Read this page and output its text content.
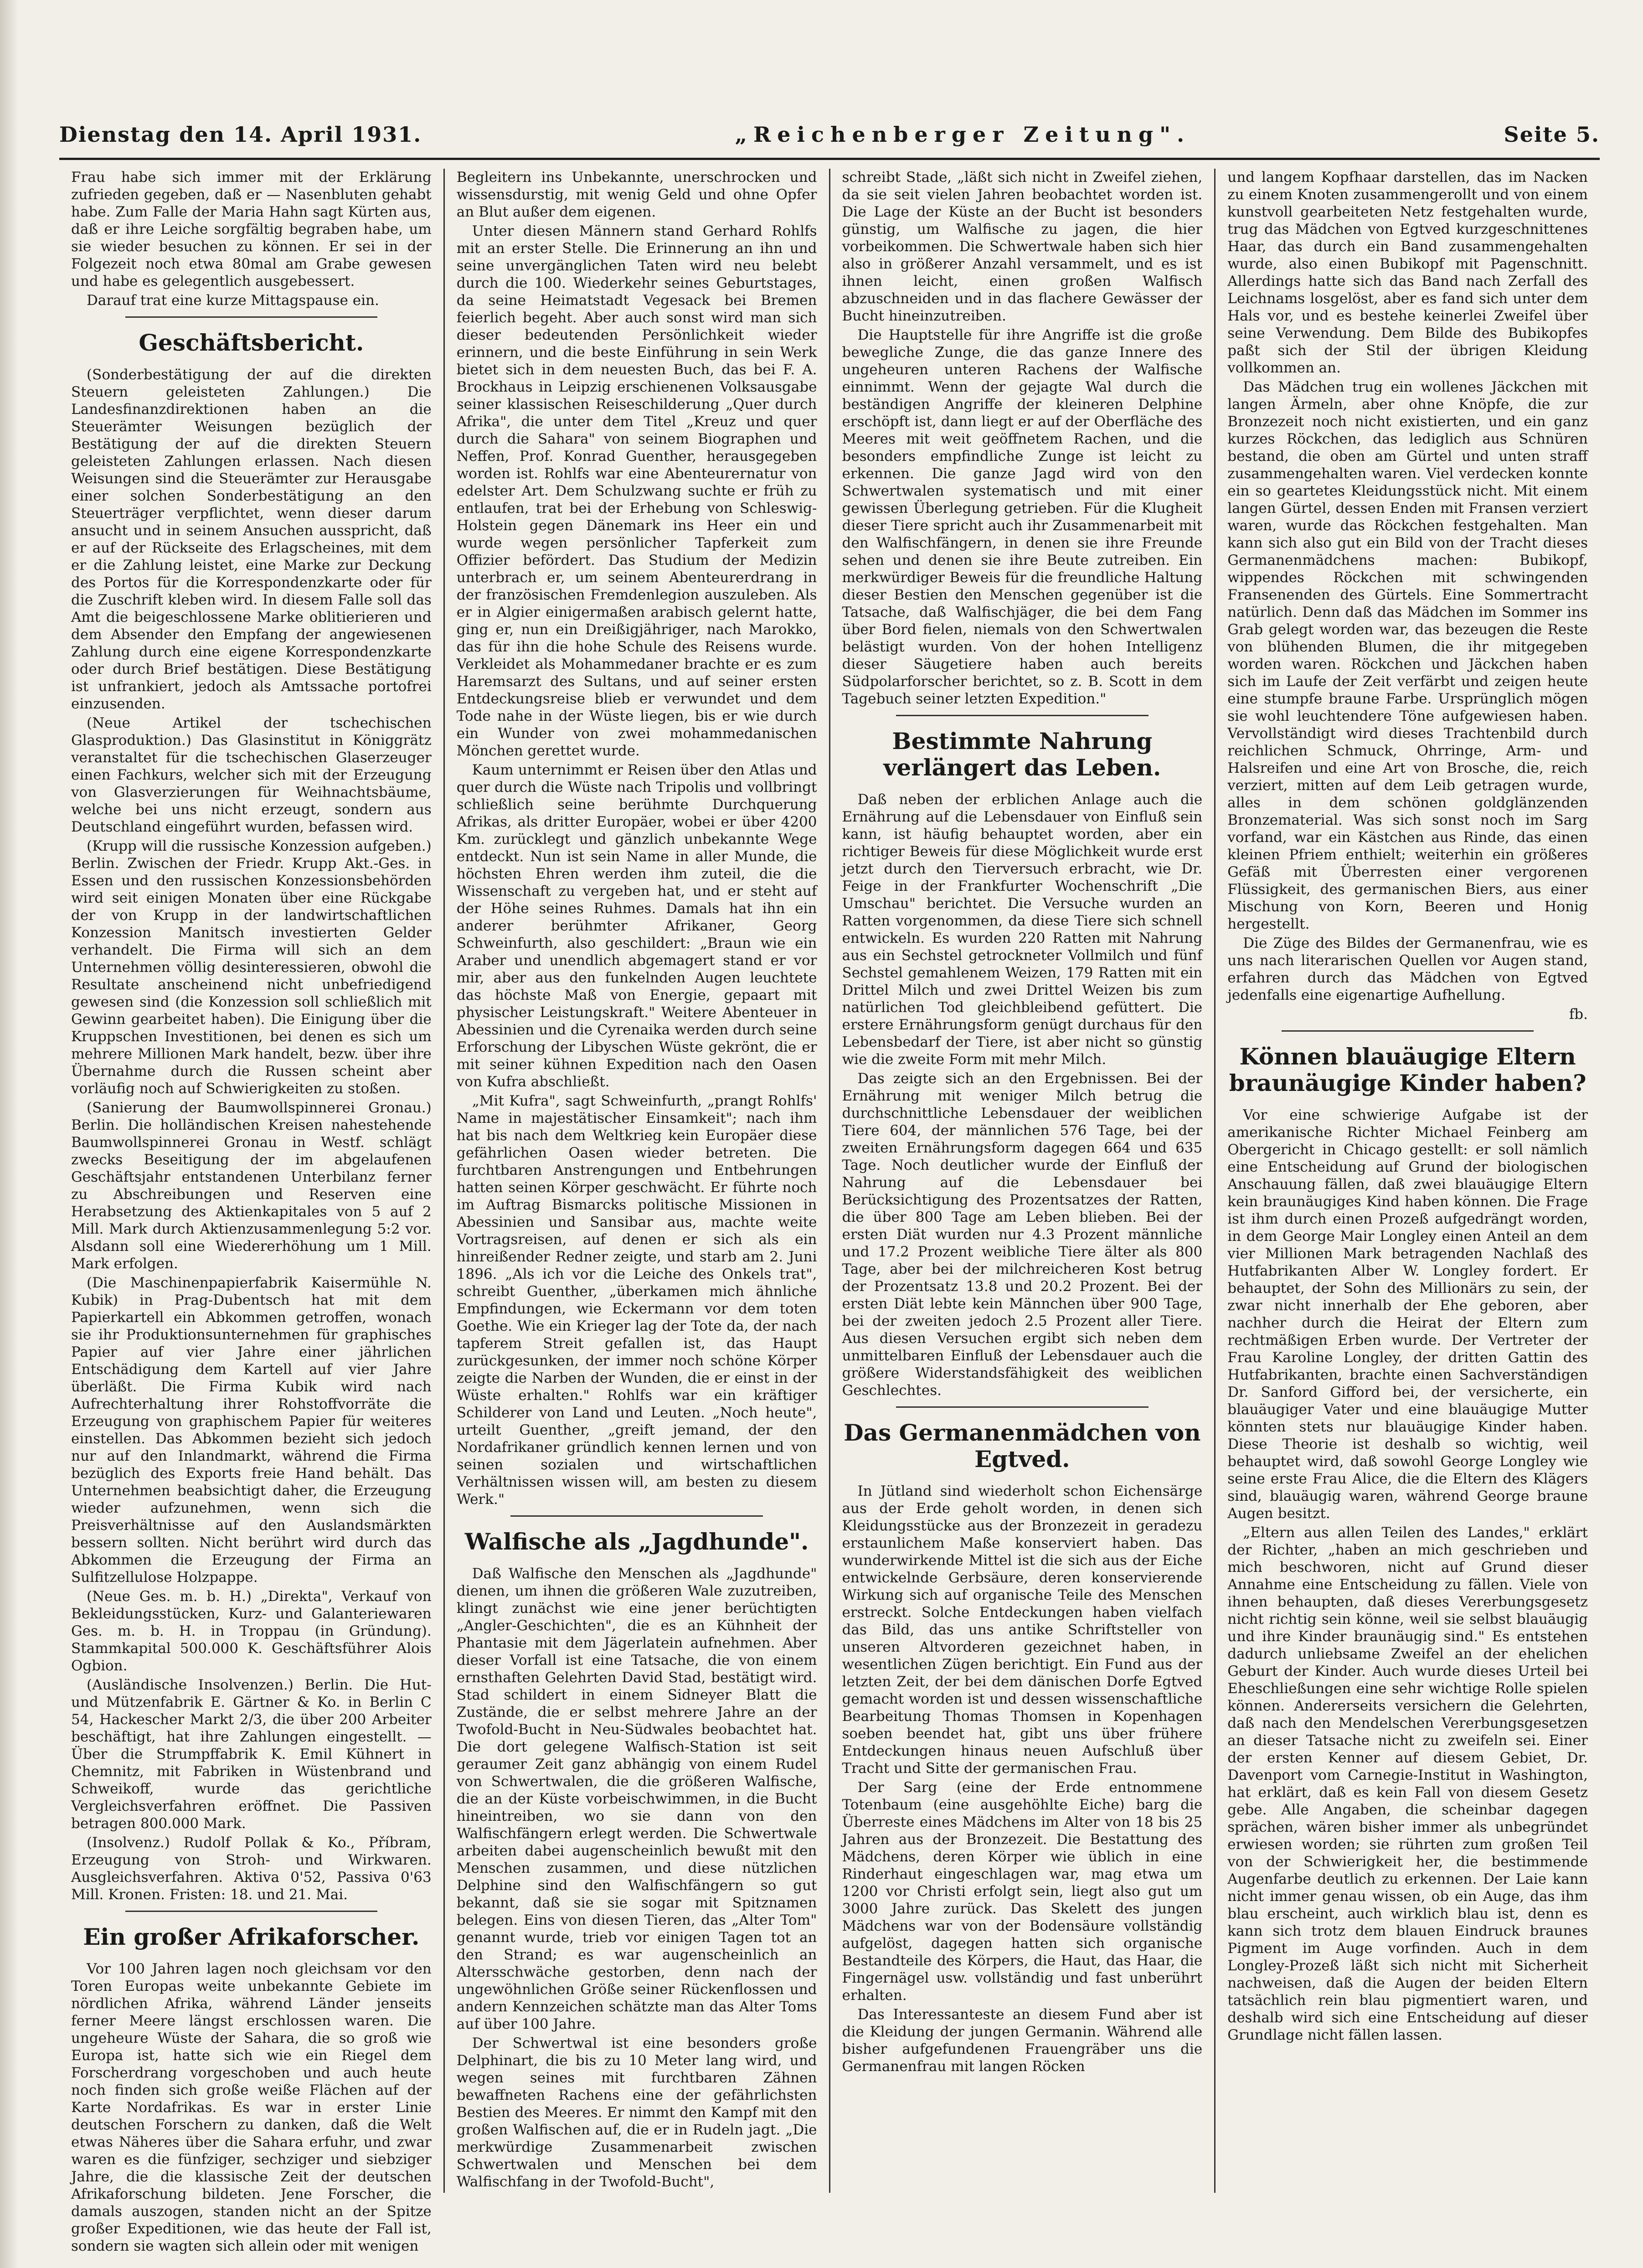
Dienstag den 14. April 1931.	„Reichenberger Zeitung".	Seite 5.

Frau habe sich immer mit der Erklärung zufrieden gegeben, daß er — Nasenbluten gehabt habe. Zum Falle der Maria Hahn sagt Kürten aus, daß er ihre Leiche sorgfältig begraben habe, um sie wieder besuchen zu können. Er sei in der Folgezeit noch etwa 80mal am Grabe gewesen und habe es gelegentlich ausgebessert.

Darauf trat eine kurze Mittagspause ein.

Geschäftsbericht.

(Sonderbestätigung der auf die direkten Steuern geleisteten Zahlungen.) Die Landesfinanzdirektionen haben an die Steuerämter Weisungen bezüglich der Bestätigung der auf die direkten Steuern geleisteten Zahlungen erlassen. Nach diesen Weisungen sind die Steuerämter zur Herausgabe einer solchen Sonderbestätigung an den Steuerträger verpflichtet, wenn dieser darum ansucht und in seinem Ansuchen ausspricht, daß er auf der Rückseite des Erlagscheines, mit dem er die Zahlung leistet, eine Marke zur Deckung des Portos für die Korrespondenzkarte oder für die Zuschrift kleben wird. In diesem Falle soll das Amt die beigeschlossene Marke oblitierieren und dem Absender den Empfang der angewiesenen Zahlung durch eine eigene Korrespondenzkarte oder durch Brief bestätigen. Diese Bestätigung ist unfrankiert, jedoch als Amtssache portofrei einzusenden.

(Neue Artikel der tschechischen Glasproduktion.) Das Glasinstitut in Königgrätz veranstaltet für die tschechischen Glaserzeuger einen Fachkurs, welcher sich mit der Erzeugung von Glasverzierungen für Weihnachtsbäume, welche bei uns nicht erzeugt, sondern aus Deutschland eingeführt wurden, befassen wird.

(Krupp will die russische Konzession aufgeben.) Berlin. Zwischen der Friedr. Krupp Akt.-Ges. in Essen und den russischen Konzessionsbehörden wird seit einigen Monaten über eine Rückgabe der von Krupp in der landwirtschaftlichen Konzession Manitsch investierten Gelder verhandelt. Die Firma will sich an dem Unternehmen völlig desinteressieren, obwohl die Resultate anscheinend nicht unbefriedigend gewesen sind (die Konzession soll schließlich mit Gewinn gearbeitet haben). Die Einigung über die Kruppschen Investitionen, bei denen es sich um mehrere Millionen Mark handelt, bezw. über ihre Übernahme durch die Russen scheint aber vorläufig noch auf Schwierigkeiten zu stoßen.

(Sanierung der Baumwollspinnerei Gronau.) Berlin. Die holländischen Kreisen nahestehende Baumwollspinnerei Gronau in Westf. schlägt zwecks Beseitigung der im abgelaufenen Geschäftsjahr entstandenen Unterbilanz ferner zu Abschreibungen und Reserven eine Herabsetzung des Aktienkapitales von 5 auf 2 Mill. Mark durch Aktienzusammenlegung 5:2 vor. Alsdann soll eine Wiedererhöhung um 1 Mill. Mark erfolgen.

(Die Maschinenpapierfabrik Kaisermühle N. Kubik) in Prag-Dubentsch hat mit dem Papierkartell ein Abkommen getroffen, wonach sie ihr Produktionsunternehmen für graphisches Papier auf vier Jahre einer jährlichen Entschädigung dem Kartell auf vier Jahre überläßt. Die Firma Kubik wird nach Aufrechterhaltung ihrer Rohstoffvorräte die Erzeugung von graphischem Papier für weiteres einstellen. Das Abkommen bezieht sich jedoch nur auf den Inlandmarkt, während die Firma bezüglich des Exports freie Hand behält. Das Unternehmen beabsichtigt daher, die Erzeugung wieder aufzunehmen, wenn sich die Preisverhältnisse auf den Auslandsmärkten bessern sollten. Nicht berührt wird durch das Abkommen die Erzeugung der Firma an Sulfitzellulose Holzpappe.

(Neue Ges. m. b. H.) „Direkta", Verkauf von Bekleidungsstücken, Kurz- und Galanteriewaren Ges. m. b. H. in Troppau (in Gründung). Stammkapital 500.000 K. Geschäftsführer Alois Ogbion.

(Ausländische Insolvenzen.) Berlin. Die Hut- und Mützenfabrik E. Gärtner & Ko. in Berlin C 54, Hackescher Markt 2/3, die über 200 Arbeiter beschäftigt, hat ihre Zahlungen eingestellt. — Über die Strumpffabrik K. Emil Kühnert in Chemnitz, mit Fabriken in Wüstenbrand und Schweikoff, wurde das gerichtliche Vergleichsverfahren eröffnet. Die Passiven betragen 800.000 Mark.

(Insolvenz.) Rudolf Pollak & Ko., Příbram, Erzeugung von Stroh- und Wirkwaren. Ausgleichsverfahren. Aktiva 0'52, Passiva 0'63 Mill. Kronen. Fristen: 18. und 21. Mai.

Ein großer Afrikaforscher.

Vor 100 Jahren lagen noch gleichsam vor den Toren Europas weite unbekannte Gebiete im nördlichen Afrika, während Länder jenseits ferner Meere längst erschlossen waren. Die ungeheure Wüste der Sahara, die so groß wie Europa ist, hatte sich wie ein Riegel dem Forscherdrang vorgeschoben und auch heute noch finden sich große weiße Flächen auf der Karte Nordafrikas. Es war in erster Linie deutschen Forschern zu danken, daß die Welt etwas Näheres über die Sahara erfuhr, und zwar waren es die fünfziger, sechziger und siebziger Jahre, die die klassische Zeit der deutschen Afrikaforschung bildeten. Jene Forscher, die damals auszogen, standen nicht an der Spitze großer Expeditionen, wie das heute der Fall ist, sondern sie wagten sich allein oder mit wenigen

Begleitern ins Unbekannte, unerschrocken und wissensdurstig, mit wenig Geld und ohne Opfer an Blut außer dem eigenen.

Unter diesen Männern stand Gerhard Rohlfs mit an erster Stelle. Die Erinnerung an ihn und seine unvergänglichen Taten wird neu belebt durch die 100. Wiederkehr seines Geburtstages, da seine Heimatstadt Vegesack bei Bremen feierlich begeht. Aber auch sonst wird man sich dieser bedeutenden Persönlichkeit wieder erinnern, und die beste Einführung in sein Werk bietet sich in dem neuesten Buch, das bei F. A. Brockhaus in Leipzig erschienenen Volksausgabe seiner klassischen Reiseschilderung „Quer durch Afrika", die unter dem Titel „Kreuz und quer durch die Sahara" von seinem Biographen und Neffen, Prof. Konrad Guenther, herausgegeben worden ist. Rohlfs war eine Abenteurernatur von edelster Art. Dem Schulzwang suchte er früh zu entlaufen, trat bei der Erhebung von Schleswig-Holstein gegen Dänemark ins Heer ein und wurde wegen persönlicher Tapferkeit zum Offizier befördert. Das Studium der Medizin unterbrach er, um seinem Abenteurerdrang in der französischen Fremdenlegion auszuleben. Als er in Algier einigermaßen arabisch gelernt hatte, ging er, nun ein Dreißigjähriger, nach Marokko, das für ihn die hohe Schule des Reisens wurde. Verkleidet als Mohammedaner brachte er es zum Haremsarzt des Sultans, und auf seiner ersten Entdeckungsreise blieb er verwundet und dem Tode nahe in der Wüste liegen, bis er wie durch ein Wunder von zwei mohammedanischen Mönchen gerettet wurde.

Kaum unternimmt er Reisen über den Atlas und quer durch die Wüste nach Tripolis und vollbringt schließlich seine berühmte Durchquerung Afrikas, als dritter Europäer, wobei er über 4200 Km. zurücklegt und gänzlich unbekannte Wege entdeckt. Nun ist sein Name in aller Munde, die höchsten Ehren werden ihm zuteil, die die Wissenschaft zu vergeben hat, und er steht auf der Höhe seines Ruhmes. Damals hat ihn ein anderer berühmter Afrikaner, Georg Schweinfurth, also geschildert: „Braun wie ein Araber und unendlich abgemagert stand er vor mir, aber aus den funkelnden Augen leuchtete das höchste Maß von Energie, gepaart mit physischer Leistungskraft." Weitere Abenteuer in Abessinien und die Cyrenaika werden durch seine Erforschung der Libyschen Wüste gekrönt, die er mit seiner kühnen Expedition nach den Oasen von Kufra abschließt.

„Mit Kufra", sagt Schweinfurth, „prangt Rohlfs' Name in majestätischer Einsamkeit"; nach ihm hat bis nach dem Weltkrieg kein Europäer diese gefährlichen Oasen wieder betreten. Die furchtbaren Anstrengungen und Entbehrungen hatten seinen Körper geschwächt. Er führte noch im Auftrag Bismarcks politische Missionen in Abessinien und Sansibar aus, machte weite Vortragsreisen, auf denen er sich als ein hinreißender Redner zeigte, und starb am 2. Juni 1896. „Als ich vor die Leiche des Onkels trat", schreibt Guenther, „überkamen mich ähnliche Empfindungen, wie Eckermann vor dem toten Goethe. Wie ein Krieger lag der Tote da, der nach tapferem Streit gefallen ist, das Haupt zurückgesunken, der immer noch schöne Körper zeigte die Narben der Wunden, die er einst in der Wüste erhalten." Rohlfs war ein kräftiger Schilderer von Land und Leuten. „Noch heute", urteilt Guenther, „greift jemand, der den Nordafrikaner gründlich kennen lernen und von seinen sozialen und wirtschaftlichen Verhältnissen wissen will, am besten zu diesem Werk."

Walfische als „Jagdhunde".

Daß Walfische den Menschen als „Jagdhunde" dienen, um ihnen die größeren Wale zuzutreiben, klingt zunächst wie eine jener berüchtigten „Angler-Geschichten", die es an Kühnheit der Phantasie mit dem Jägerlatein aufnehmen. Aber dieser Vorfall ist eine Tatsache, die von einem ernsthaften Gelehrten David Stad, bestätigt wird. Stad schildert in einem Sidneyer Blatt die Zustände, die er selbst mehrere Jahre an der Twofold-Bucht in Neu-Südwales beobachtet hat. Die dort gelegene Walfisch-Station ist seit geraumer Zeit ganz abhängig von einem Rudel von Schwertwalen, die die größeren Walfische, die an der Küste vorbeischwimmen, in die Bucht hineintreiben, wo sie dann von den Walfischfängern erlegt werden. Die Schwertwale arbeiten dabei augenscheinlich bewußt mit den Menschen zusammen, und diese nützlichen Delphine sind den Walfischfängern so gut bekannt, daß sie sie sogar mit Spitznamen belegen. Eins von diesen Tieren, das „Alter Tom" genannt wurde, trieb vor einigen Tagen tot an den Strand; es war augenscheinlich an Altersschwäche gestorben, denn nach der ungewöhnlichen Größe seiner Rückenflossen und andern Kennzeichen schätzte man das Alter Toms auf über 100 Jahre.

Der Schwertwal ist eine besonders große Delphinart, die bis zu 10 Meter lang wird, und wegen seines mit furchtbaren Zähnen bewaffneten Rachens eine der gefährlichsten Bestien des Meeres. Er nimmt den Kampf mit den großen Walfischen auf, die er in Rudeln jagt. „Die merkwürdige Zusammenarbeit zwischen Schwertwalen und Menschen bei dem Walfischfang in der Twofold-Bucht",

schreibt Stade, „läßt sich nicht in Zweifel ziehen, da sie seit vielen Jahren beobachtet worden ist. Die Lage der Küste an der Bucht ist besonders günstig, um Walfische zu jagen, die hier vorbeikommen. Die Schwertwale haben sich hier also in größerer Anzahl versammelt, und es ist ihnen leicht, einen großen Walfisch abzuschneiden und in das flachere Gewässer der Bucht hineinzutreiben.

Die Hauptstelle für ihre Angriffe ist die große bewegliche Zunge, die das ganze Innere des ungeheuren unteren Rachens der Walfische einnimmt. Wenn der gejagte Wal durch die beständigen Angriffe der kleineren Delphine erschöpft ist, dann liegt er auf der Oberfläche des Meeres mit weit geöffnetem Rachen, und die besonders empfindliche Zunge ist leicht zu erkennen. Die ganze Jagd wird von den Schwertwalen systematisch und mit einer gewissen Überlegung getrieben. Für die Klugheit dieser Tiere spricht auch ihr Zusammenarbeit mit den Walfischfängern, in denen sie ihre Freunde sehen und denen sie ihre Beute zutreiben. Ein merkwürdiger Beweis für die freundliche Haltung dieser Bestien den Menschen gegenüber ist die Tatsache, daß Walfischjäger, die bei dem Fang über Bord fielen, niemals von den Schwertwalen belästigt wurden. Von der hohen Intelligenz dieser Säugetiere haben auch bereits Südpolarforscher berichtet, so z. B. Scott in dem Tagebuch seiner letzten Expedition."

Bestimmte Nahrung
verlängert das Leben.

Daß neben der erblichen Anlage auch die Ernährung auf die Lebensdauer von Einfluß sein kann, ist häufig behauptet worden, aber ein richtiger Beweis für diese Möglichkeit wurde erst jetzt durch den Tierversuch erbracht, wie Dr. Feige in der Frankfurter Wochenschrift „Die Umschau" berichtet. Die Versuche wurden an Ratten vorgenommen, da diese Tiere sich schnell entwickeln. Es wurden 220 Ratten mit Nahrung aus ein Sechstel getrockneter Vollmilch und fünf Sechstel gemahlenem Weizen, 179 Ratten mit ein Drittel Milch und zwei Drittel Weizen bis zum natürlichen Tod gleichbleibend gefüttert. Die erstere Ernährungsform genügt durchaus für den Lebensbedarf der Tiere, ist aber nicht so günstig wie die zweite Form mit mehr Milch.

Das zeigte sich an den Ergebnissen. Bei der Ernährung mit weniger Milch betrug die durchschnittliche Lebensdauer der weiblichen Tiere 604, der männlichen 576 Tage, bei der zweiten Ernährungsform dagegen 664 und 635 Tage. Noch deutlicher wurde der Einfluß der Nahrung auf die Lebensdauer bei Berücksichtigung des Prozentsatzes der Ratten, die über 800 Tage am Leben blieben. Bei der ersten Diät wurden nur 4.3 Prozent männliche und 17.2 Prozent weibliche Tiere älter als 800 Tage, aber bei der milchreicheren Kost betrug der Prozentsatz 13.8 und 20.2 Prozent. Bei der ersten Diät lebte kein Männchen über 900 Tage, bei der zweiten jedoch 2.5 Prozent aller Tiere. Aus diesen Versuchen ergibt sich neben dem unmittelbaren Einfluß der Lebensdauer auch die größere Widerstandsfähigkeit des weiblichen Geschlechtes.

Das Germanenmädchen von Egtved.

In Jütland sind wiederholt schon Eichensärge aus der Erde geholt worden, in denen sich Kleidungsstücke aus der Bronzezeit in geradezu erstaunlichem Maße konserviert haben. Das wunderwirkende Mittel ist die sich aus der Eiche entwickelnde Gerbsäure, deren konservierende Wirkung sich auf organische Teile des Menschen erstreckt. Solche Entdeckungen haben vielfach das Bild, das uns antike Schriftsteller von unseren Altvorderen gezeichnet haben, in wesentlichen Zügen berichtigt. Ein Fund aus der letzten Zeit, der bei dem dänischen Dorfe Egtved gemacht worden ist und dessen wissenschaftliche Bearbeitung Thomas Thomsen in Kopenhagen soeben beendet hat, gibt uns über frühere Entdeckungen hinaus neuen Aufschluß über Tracht und Sitte der germanischen Frau.

Der Sarg (eine der Erde entnommene Totenbaum (eine ausgehöhlte Eiche) barg die Überreste eines Mädchens im Alter von 18 bis 25 Jahren aus der Bronzezeit. Die Bestattung des Mädchens, deren Körper wie üblich in eine Rinderhaut eingeschlagen war, mag etwa um 1200 vor Christi erfolgt sein, liegt also gut um 3000 Jahre zurück. Das Skelett des jungen Mädchens war von der Bodensäure vollständig aufgelöst, dagegen hatten sich organische Bestandteile des Körpers, die Haut, das Haar, die Fingernägel usw. vollständig und fast unberührt erhalten.

Das Interessanteste an diesem Fund aber ist die Kleidung der jungen Germanin. Während alle bisher aufgefundenen Frauengräber uns die Germanenfrau mit langen Röcken

und langem Kopfhaar darstellen, das im Nacken zu einem Knoten zusammengerollt und von einem kunstvoll gearbeiteten Netz festgehalten wurde, trug das Mädchen von Egtved kurzgeschnittenes Haar, das durch ein Band zusammengehalten wurde, also einen Bubikopf mit Pagenschnitt. Allerdings hatte sich das Band nach Zerfall des Leichnams losgelöst, aber es fand sich unter dem Hals vor, und es bestehe keinerlei Zweifel über seine Verwendung. Dem Bilde des Bubikopfes paßt sich der Stil der übrigen Kleidung vollkommen an.

Das Mädchen trug ein wollenes Jäckchen mit langen Ärmeln, aber ohne Knöpfe, die zur Bronzezeit noch nicht existierten, und ein ganz kurzes Röckchen, das lediglich aus Schnüren bestand, die oben am Gürtel und unten straff zusammengehalten waren. Viel verdecken konnte ein so geartetes Kleidungsstück nicht. Mit einem langen Gürtel, dessen Enden mit Fransen verziert waren, wurde das Röckchen festgehalten. Man kann sich also gut ein Bild von der Tracht dieses Germanenmädchens machen: Bubikopf, wippendes Röckchen mit schwingenden Fransenenden des Gürtels. Eine Sommertracht natürlich. Denn daß das Mädchen im Sommer ins Grab gelegt worden war, das bezeugen die Reste von blühenden Blumen, die ihr mitgegeben worden waren. Röckchen und Jäckchen haben sich im Laufe der Zeit verfärbt und zeigen heute eine stumpfe braune Farbe. Ursprünglich mögen sie wohl leuchtendere Töne aufgewiesen haben. Vervollständigt wird dieses Trachtenbild durch reichlichen Schmuck, Ohrringe, Arm- und Halsreifen und eine Art von Brosche, die, reich verziert, mitten auf dem Leib getragen wurde, alles in dem schönen goldglänzenden Bronzematerial. Was sich sonst noch im Sarg vorfand, war ein Kästchen aus Rinde, das einen kleinen Pfriem enthielt; weiterhin ein größeres Gefäß mit Überresten einer vergorenen Flüssigkeit, des germanischen Biers, aus einer Mischung von Korn, Beeren und Honig hergestellt.

Die Züge des Bildes der Germanenfrau, wie es uns nach literarischen Quellen vor Augen stand, erfahren durch das Mädchen von Egtved jedenfalls eine eigenartige Aufhellung.

fb.

Können blauäugige Eltern
braunäugige Kinder haben?

Vor eine schwierige Aufgabe ist der amerikanische Richter Michael Feinberg am Obergericht in Chicago gestellt: er soll nämlich eine Entscheidung auf Grund der biologischen Anschauung fällen, daß zwei blauäugige Eltern kein braunäugiges Kind haben können. Die Frage ist ihm durch einen Prozeß aufgedrängt worden, in dem George Mair Longley einen Anteil an dem vier Millionen Mark betragenden Nachlaß des Hutfabrikanten Alber W. Longley fordert. Er behauptet, der Sohn des Millionärs zu sein, der zwar nicht innerhalb der Ehe geboren, aber nachher durch die Heirat der Eltern zum rechtmäßigen Erben wurde. Der Vertreter der Frau Karoline Longley, der dritten Gattin des Hutfabrikanten, brachte einen Sachverständigen Dr. Sanford Gifford bei, der versicherte, ein blauäugiger Vater und eine blauäugige Mutter könnten stets nur blauäugige Kinder haben. Diese Theorie ist deshalb so wichtig, weil behauptet wird, daß sowohl George Longley wie seine erste Frau Alice, die die Eltern des Klägers sind, blauäugig waren, während George braune Augen besitzt.

„Eltern aus allen Teilen des Landes," erklärt der Richter, „haben an mich geschrieben und mich beschworen, nicht auf Grund dieser Annahme eine Entscheidung zu fällen. Viele von ihnen behaupten, daß dieses Vererbungsgesetz nicht richtig sein könne, weil sie selbst blauäugig und ihre Kinder braunäugig sind." Es entstehen dadurch unliebsame Zweifel an der ehelichen Geburt der Kinder. Auch wurde dieses Urteil bei Eheschließungen eine sehr wichtige Rolle spielen können. Andererseits versichern die Gelehrten, daß nach den Mendelschen Vererbungsgesetzen an dieser Tatsache nicht zu zweifeln sei. Einer der ersten Kenner auf diesem Gebiet, Dr. Davenport vom Carnegie-Institut in Washington, hat erklärt, daß es kein Fall von diesem Gesetz gebe. Alle Angaben, die scheinbar dagegen sprächen, wären bisher immer als unbegründet erwiesen worden; sie rührten zum großen Teil von der Schwierigkeit her, die bestimmende Augenfarbe deutlich zu erkennen. Der Laie kann nicht immer genau wissen, ob ein Auge, das ihm blau erscheint, auch wirklich blau ist, denn es kann sich trotz dem blauen Eindruck braunes Pigment im Auge vorfinden. Auch in dem Longley-Prozeß läßt sich nicht mit Sicherheit nachweisen, daß die Augen der beiden Eltern tatsächlich rein blau pigmentiert waren, und deshalb wird sich eine Entscheidung auf dieser Grundlage nicht fällen lassen.
